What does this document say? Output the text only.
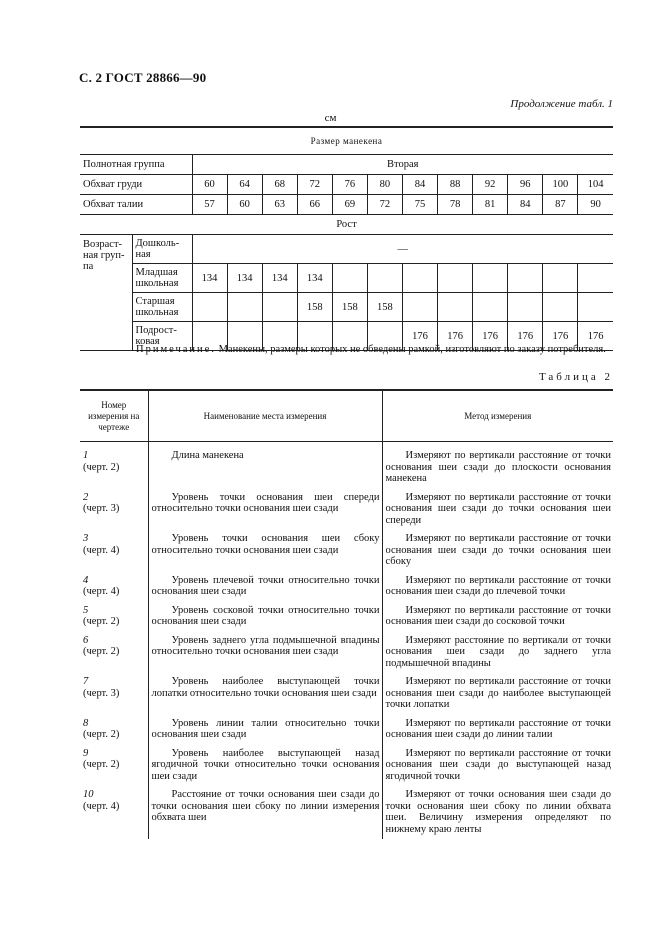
С. 2 ГОСТ 28866—90
Продолжение табл. 1
см
Размер манекена													
Полнотная группа		Вторая											
Обхват груди		60	64	68	72	76	80	84	88	92	96	100	104
Обхват талии		57	60	63	66	69	72	75	78	81	84	87	90
Рост													
Возраст-ная груп-па	Дошколь-ная	—											
	Младшая школьная	134	134	134	134								
	Старшая школьная				158	158	158						
	Подрост-ковая							176	176	176	176	176	176
Примечание. Манекены, размеры которых не обведены рамкой, изготовляют по заказу потребителя.
Таблица 2
Номер измерения на чертеже	Наименование места измерения	Метод измерения

1
(черт. 2)	Длина манекена	Измеряют по вертикали расстояние от точки основания шеи сзади до плоскости основания манекена

2
(черт. 3)	Уровень точки основания шеи спереди относительно точки основания шеи сзади	Измеряют по вертикали расстояние от точки основания шеи сзади до точки основания шеи спереди

3
(черт. 4)	Уровень точки основания шеи сбоку относительно точки основания шеи сзади	Измеряют по вертикали расстояние от точки основания шеи сзади до точки основания шеи сбоку

4
(черт. 4)	Уровень плечевой точки относительно точки основания шеи сзади	Измеряют по вертикали расстояние от точки основания шеи сзади до плечевой точки

5
(черт. 2)	Уровень сосковой точки относительно точки основания шеи сзади	Измеряют по вертикали расстояние от точки основания шеи сзади до сосковой точки

6
(черт. 2)	Уровень заднего угла подмышечной впадины относительно точки основания шеи сзади	Измеряют расстояние по вертикали от точки основания шеи сзади до заднего угла подмышечной впадины

7
(черт. 3)	Уровень наиболее выступающей точки лопатки относительно точки основания шеи сзади	Измеряют по вертикали расстояние от точки основания шеи сзади до наиболее выступающей точки лопатки

8
(черт. 2)	Уровень линии талии относительно точки основания шеи сзади	Измеряют по вертикали расстояние от точки основания шеи сзади до линии талии

9
(черт. 2)	Уровень наиболее выступающей назад ягодичной точки относительно точки основания шеи сзади	Измеряют по вертикали расстояние от точки основания шеи сзади до выступающей назад ягодичной точки

10
(черт. 4)	Расстояние от точки основания шеи сзади до точки основания шеи сбоку по линии измерения обхвата шеи	Измеряют от точки основания шеи сзади до точки основания шеи сбоку по линии обхвата шеи. Величину измерения определяют по нижнему краю ленты
